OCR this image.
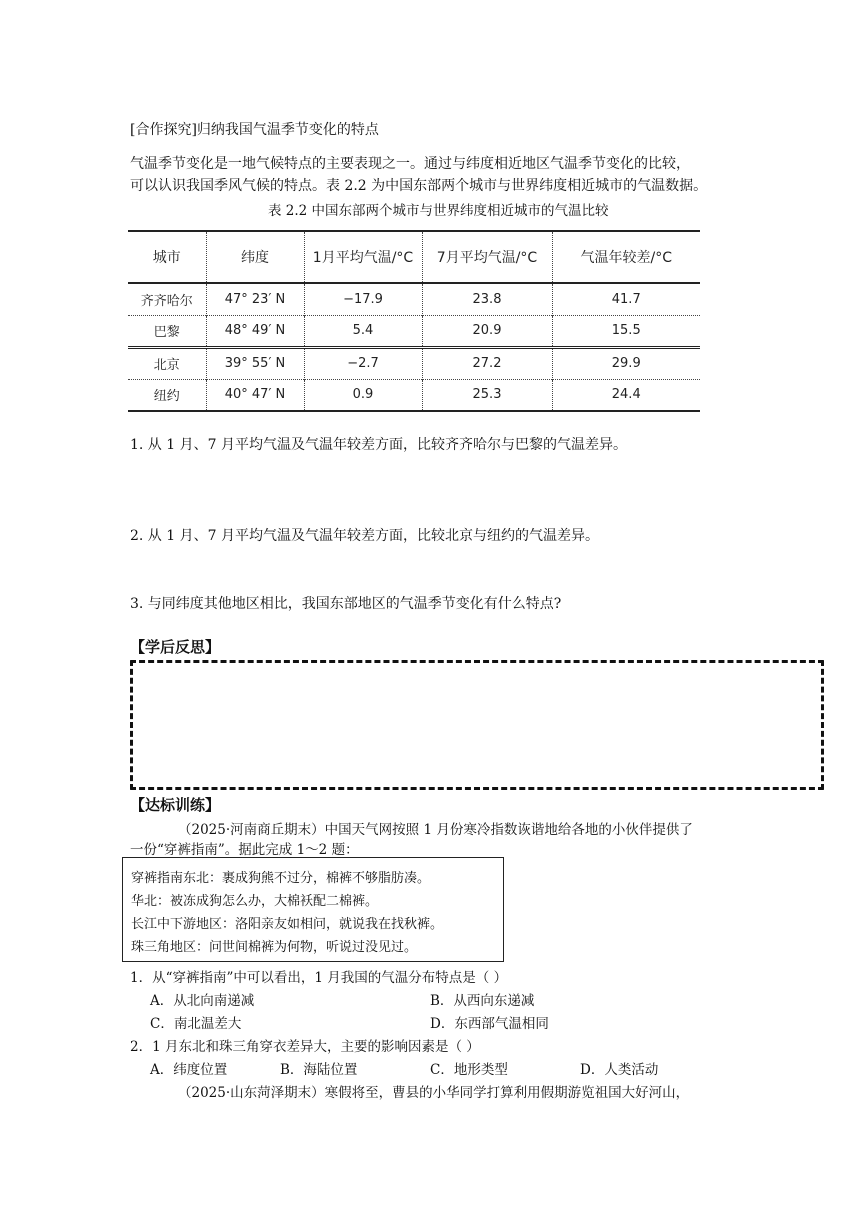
[合作探究]归纳我国气温季节变化的特点
气温季节变化是一地气候特点的主要表现之一。通过与纬度相近地区气温季节变化的比较，
可以认识我国季风气候的特点。表 2.2 为中国东部两个城市与世界纬度相近城市的气温数据。
表 2.2 中国东部两个城市与世界纬度相近城市的气温比较
城市	纬度	1月平均气温/°C	7月平均气温/°C	气温年较差/°C
齐齐哈尔	47° 23′ N	−17.9	23.8	41.7
巴黎	48° 49′ N	5.4	20.9	15.5
北京	39° 55′ N	−2.7	27.2	29.9
纽约	40° 47′ N	0.9	25.3	24.4
1. 从 1 月、7 月平均气温及气温年较差方面，比较齐齐哈尔与巴黎的气温差异。
2. 从 1 月、7 月平均气温及气温年较差方面，比较北京与纽约的气温差异。
3. 与同纬度其他地区相比，我国东部地区的气温季节变化有什么特点?
【学后反思】
【达标训练】
（2025·河南商丘期末）中国天气网按照 1 月份寒冷指数诙谐地给各地的小伙伴提供了
一份“穿裤指南”。据此完成 1～2 题：
穿裤指南东北：裹成狗熊不过分，棉裤不够脂肪凑。
华北：被冻成狗怎么办，大棉袄配二棉裤。
长江中下游地区：洛阳亲友如相问，就说我在找秋裤。
珠三角地区：问世间棉裤为何物，听说过没见过。
1．从“穿裤指南”中可以看出，1 月我国的气温分布特点是（ ）
A．从北向南递减	B．从西向东递减
C．南北温差大	D．东西部气温相同
2．1 月东北和珠三角穿衣差异大，主要的影响因素是（ ）
A．纬度位置	B．海陆位置	C．地形类型	D．人类活动
（2025·山东菏泽期末）寒假将至，曹县的小华同学打算利用假期游览祖国大好河山，
